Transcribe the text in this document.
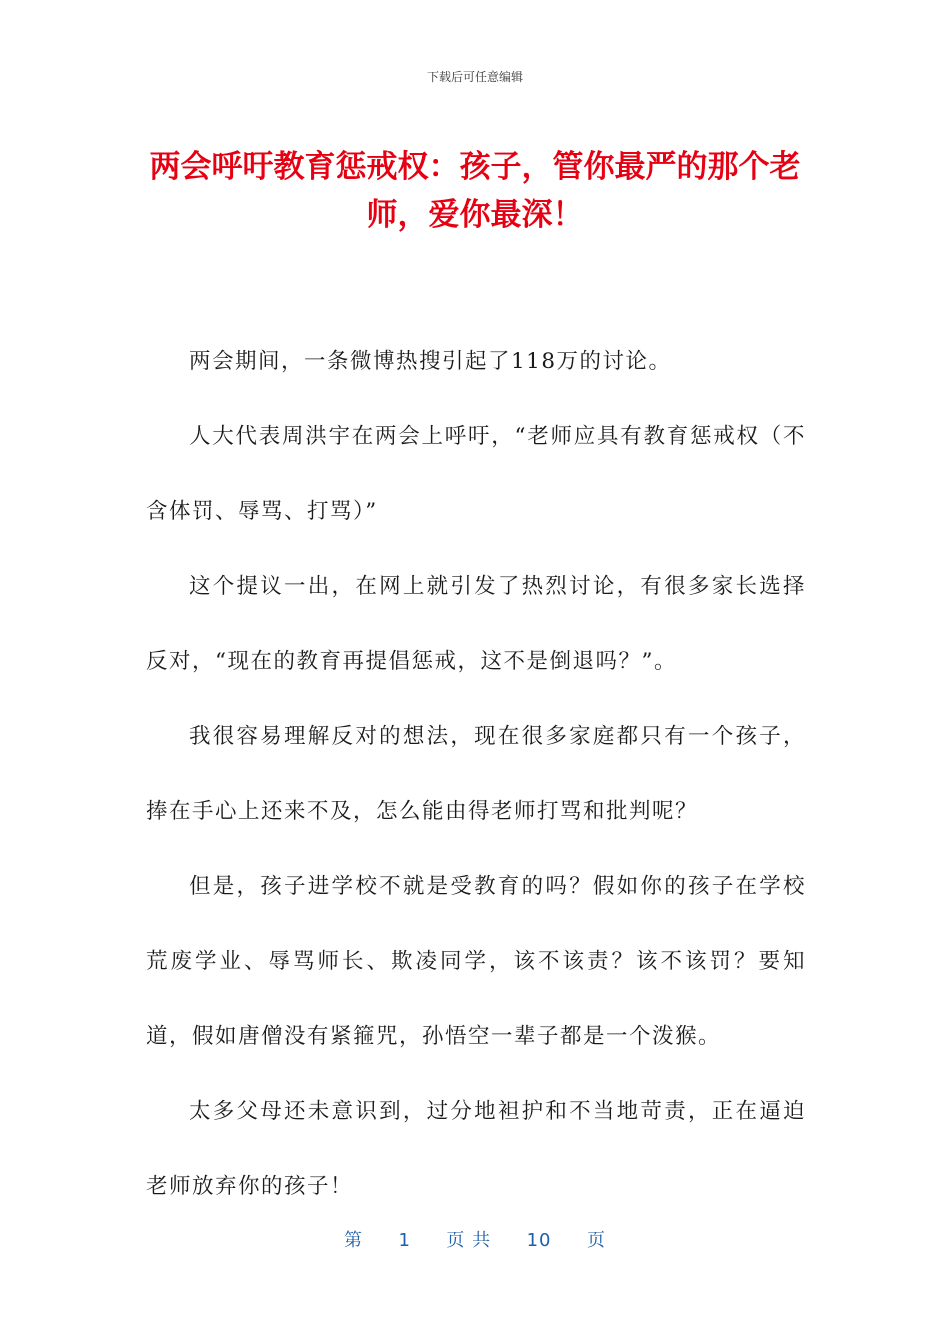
下载后可任意编辑
两会呼吁教育惩戒权：孩子，管你最严的那个老师，爱你最深！

两会期间，一条微博热搜引起了118万的讨论。

人大代表周洪宇在两会上呼吁，“老师应具有教育惩戒权（不含体罚、辱骂、打骂）”

这个提议一出，在网上就引发了热烈讨论，有很多家长选择反对，“现在的教育再提倡惩戒，这不是倒退吗？”。

我很容易理解反对的想法，现在很多家庭都只有一个孩子，捧在手心上还来不及，怎么能由得老师打骂和批判呢？

但是，孩子进学校不就是受教育的吗？假如你的孩子在学校荒废学业、辱骂师长、欺凌同学，该不该责？该不该罚？要知道，假如唐僧没有紧箍咒，孙悟空一辈子都是一个泼猴。

太多父母还未意识到，过分地袒护和不当地苛责，正在逼迫老师放弃你的孩子！

第 1 页 共 10 页
